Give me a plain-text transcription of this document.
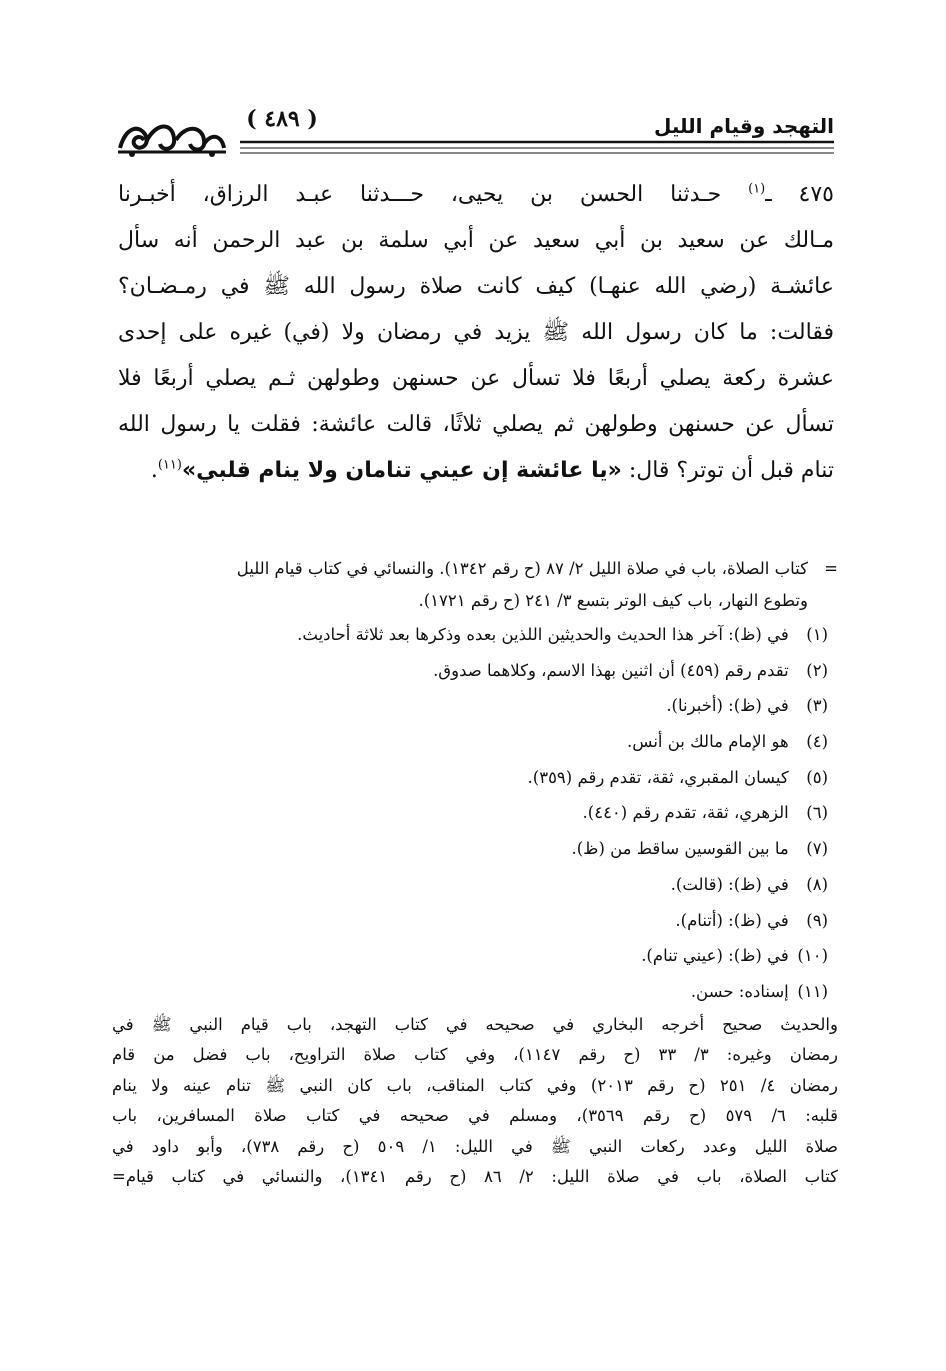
التهجد وقيام الليل
( ٤٨٩ )

٤٧٥ ـ$^{(١)}$ حـدثنا الحسن بن يحيى، حـــدثنا عبـد الرزاق، أخبـرنا

مـالك عن سعيد بن أبي سعيد عن أبي سلمة بن عبد الرحمن أنه سأل

عائشـة (رضي الله عنهـا) كيف كانت صلاة رسول الله ﷺ في رمـضـان؟

فقالت: ما كان رسول الله ﷺ يزيد في رمضان ولا (في) غيره على إحدى

عشرة ركعة يصلي أربعًا فلا تسأل عن حسنهن وطولهن ثـم يصلي أربعًا فلا

تسأل عن حسنهن وطولهن ثم يصلي ثلاثًا، قالت عائشة: فقلت يا رسول الله

تنام قبل أن توتر؟ قال: «يا عائشة إن عيني تنامان ولا ينام قلبي»$^{(١١)}$.

=كتاب الصلاة، باب في صلاة الليل ٢/ ٨٧ (ح رقم ١٣٤٢). والنسائي في كتاب قيام الليل
وتطوع النهار، باب كيف الوتر بتسع ٣/ ٢٤١ (ح رقم ١٧٢١).

(١) في (ظ): آخر هذا الحديث والحديثين اللذين بعده وذكرها بعد ثلاثة أحاديث.
(٢) تقدم رقم (٤٥٩) أن اثنين بهذا الاسم، وكلاهما صدوق.
(٣) في (ظ): (أخبرنا).
(٤) هو الإمام مالك بن أنس.
(٥) كيسان المقبري، ثقة، تقدم رقم (٣٥٩).
(٦) الزهري، ثقة، تقدم رقم (٤٤٠).
(٧) ما بين القوسين ساقط من (ظ).
(٨) في (ظ): (قالت).
(٩) في (ظ): (أتنام).
(١٠) في (ظ): (عيني تنام).
(١١) إسناده: حسن.
والحديث صحيح أخرجه البخاري في صحيحه في كتاب التهجد، باب قيام النبي ﷺ في
رمضان وغيره: ٣/ ٣٣ (ح رقم ١١٤٧)، وفي كتاب صلاة التراويح، باب فضل من قام
رمضان ٤/ ٢٥١ (ح رقم ٢٠١٣) وفي كتاب المناقب، باب كان النبي ﷺ تنام عينه ولا ينام
قلبه: ٦/ ٥٧٩ (ح رقم ٣٥٦٩)، ومسلم في صحيحه في كتاب صلاة المسافرين، باب
صلاة الليل وعدد ركعات النبي ﷺ في الليل: ١/ ٥٠٩ (ح رقم ٧٣٨)، وأبو داود في
كتاب الصلاة، باب في صلاة الليل: ٢/ ٨٦ (ح رقم ١٣٤١)، والنسائي في كتاب قيام=
